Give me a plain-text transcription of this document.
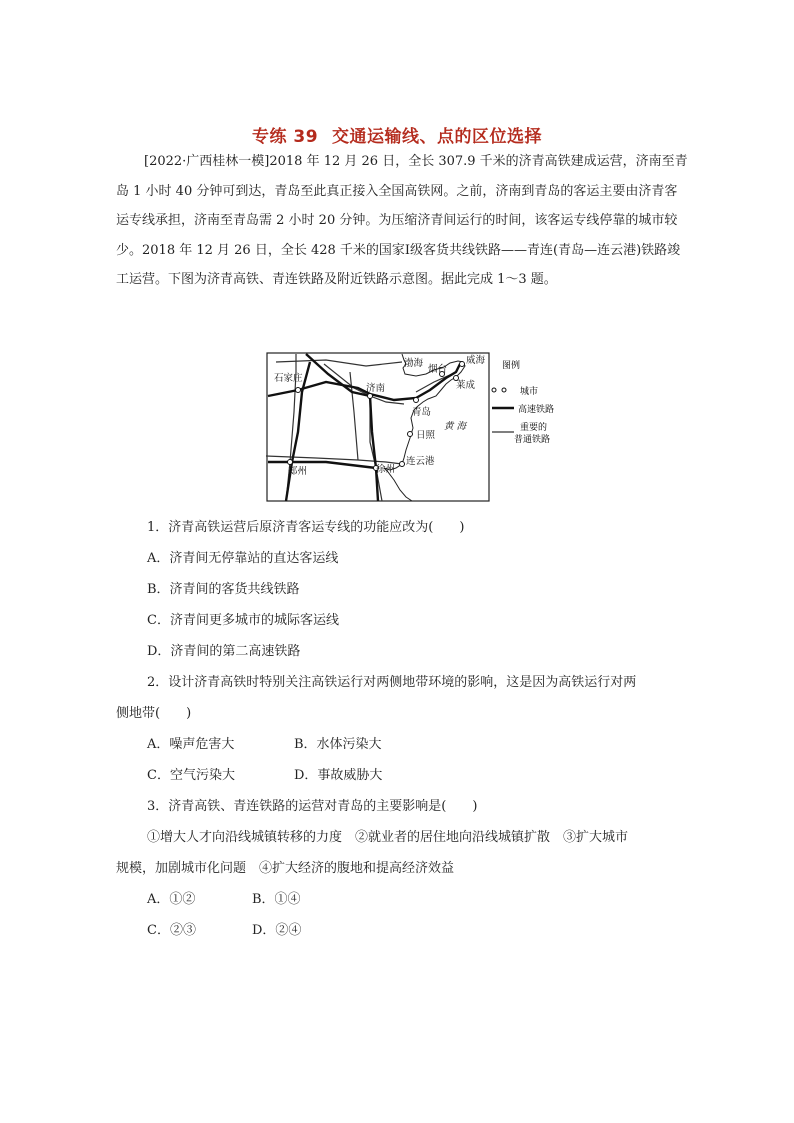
专练 39 交通运输线、点的区位选择

[2022·广西桂林一模]2018 年 12 月 26 日，全长 307.9 千米的济青高铁建成运营，济南至青岛 1 小时 40 分钟可到达，青岛至此真正接入全国高铁网。之前，济南到青岛的客运主要由济青客运专线承担，济南至青岛需 2 小时 20 分钟。为压缩济青间运行的时间，该客运专线停靠的城市较少。2018 年 12 月 26 日，全长 428 千米的国家Ⅰ级客货共线铁路——青连(青岛—连云港)铁路竣工运营。下图为济青高铁、青连铁路及附近铁路示意图。据此完成 1～3 题。

石家庄
济南
烟台
威海
莱成
青岛
日照
郑州	徐州
连云港
渤海
黄 海
图例
城市
高速铁路
重要的
普通铁路
1．济青高铁运营后原济青客运专线的功能应改为(　　)
A．济青间无停靠站的直达客运线
B．济青间的客货共线铁路
C．济青间更多城市的城际客运线
D．济青间的第二高速铁路
2．设计济青高铁时特别关注高铁运行对两侧地带环境的影响，这是因为高铁运行对两
侧地带(　　)
A．噪声危害大	B．水体污染大
C．空气污染大	D．事故威胁大
3．济青高铁、青连铁路的运营对青岛的主要影响是(　　)
①增大人才向沿线城镇转移的力度　②就业者的居住地向沿线城镇扩散　③扩大城市
规模，加剧城市化问题　④扩大经济的腹地和提高经济效益
A．①②	B．①④
C．②③	D．②④
